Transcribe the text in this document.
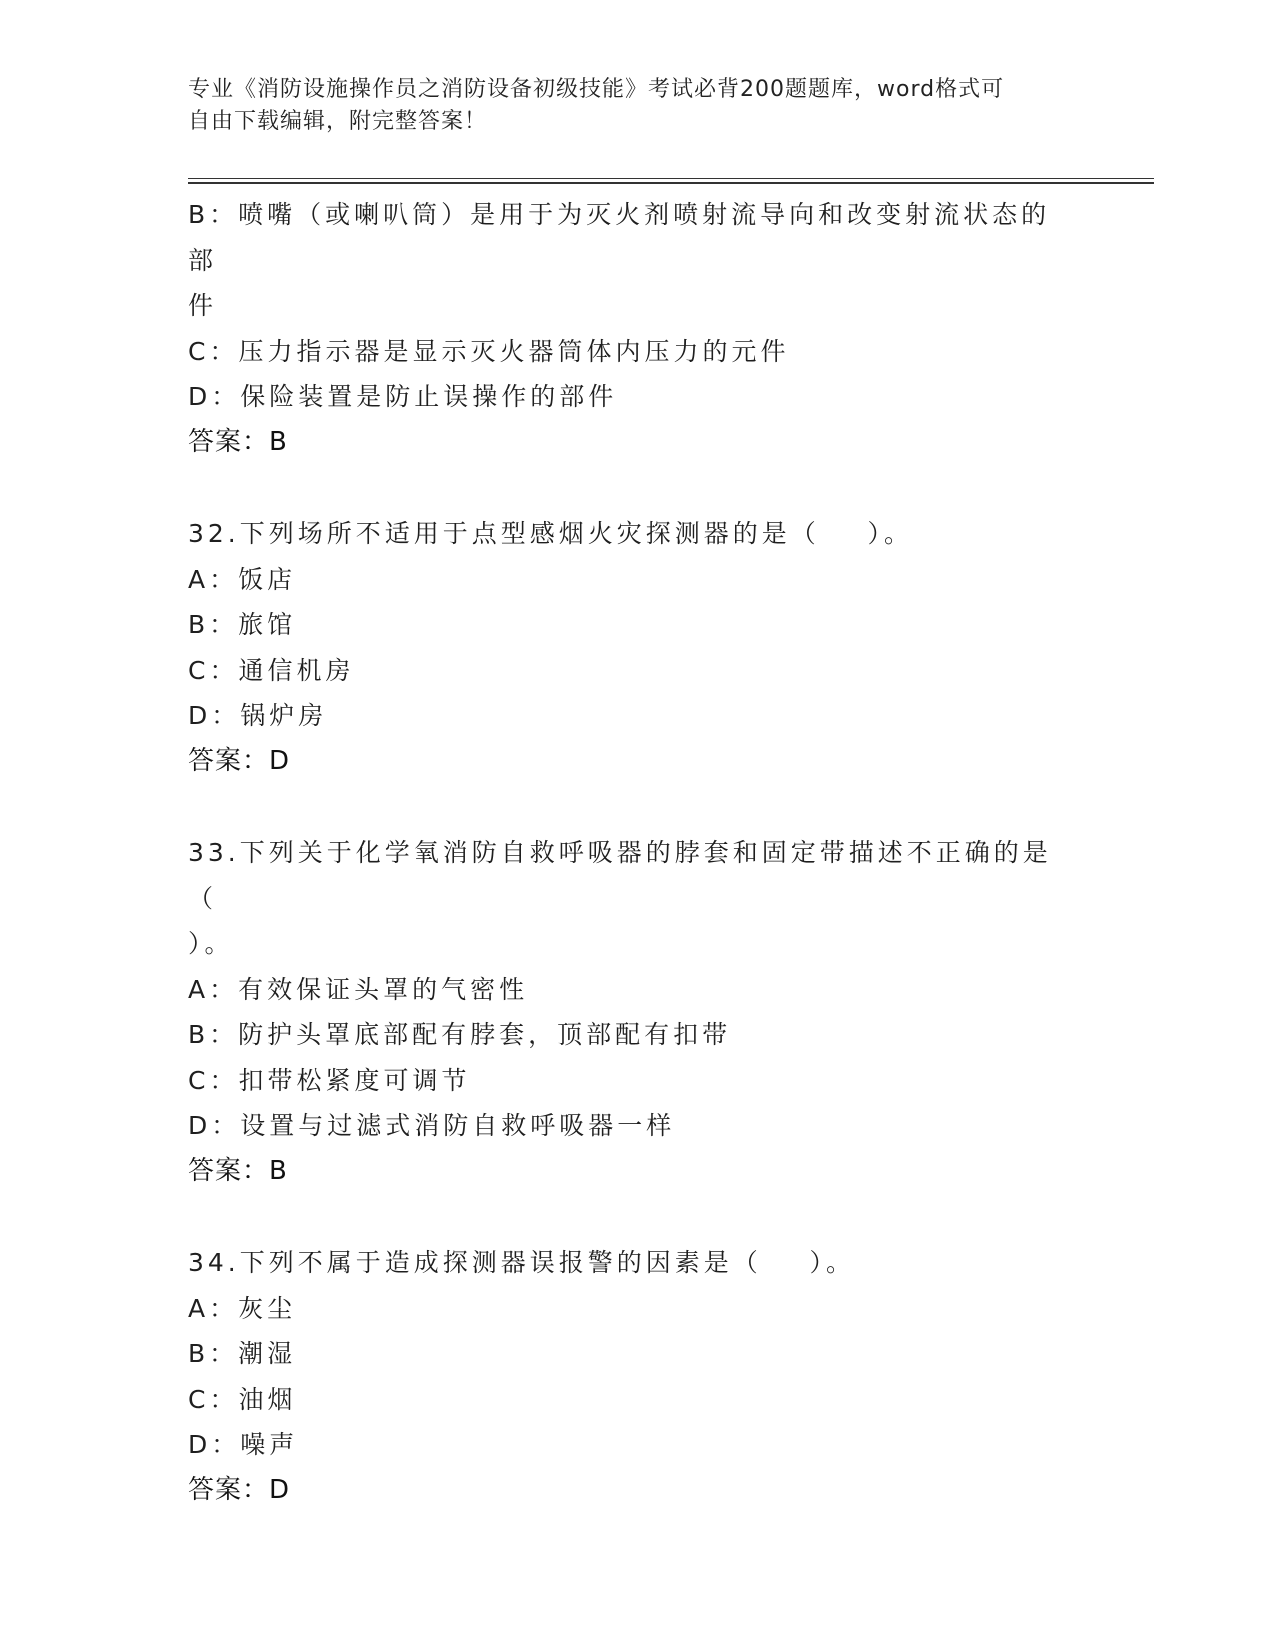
专业《消防设施操作员之消防设备初级技能》考试必背200题题库，word格式可
自由下载编辑，附完整答案！
B：喷嘴（或喇叭筒）是用于为灭火剂喷射流导向和改变射流状态的部
件
C：压力指示器是显示灭火器筒体内压力的元件
D：保险装置是防止误操作的部件
答案：B
32.下列场所不适用于点型感烟火灾探测器的是（    ）。
A：饭店
B：旅馆
C：通信机房
D：锅炉房
答案：D
33.下列关于化学氧消防自救呼吸器的脖套和固定带描述不正确的是（
）。
A：有效保证头罩的气密性
B：防护头罩底部配有脖套，顶部配有扣带
C：扣带松紧度可调节
D：设置与过滤式消防自救呼吸器一样
答案：B
34.下列不属于造成探测器误报警的因素是（    ）。
A：灰尘
B：潮湿
C：油烟
D：噪声
答案：D
